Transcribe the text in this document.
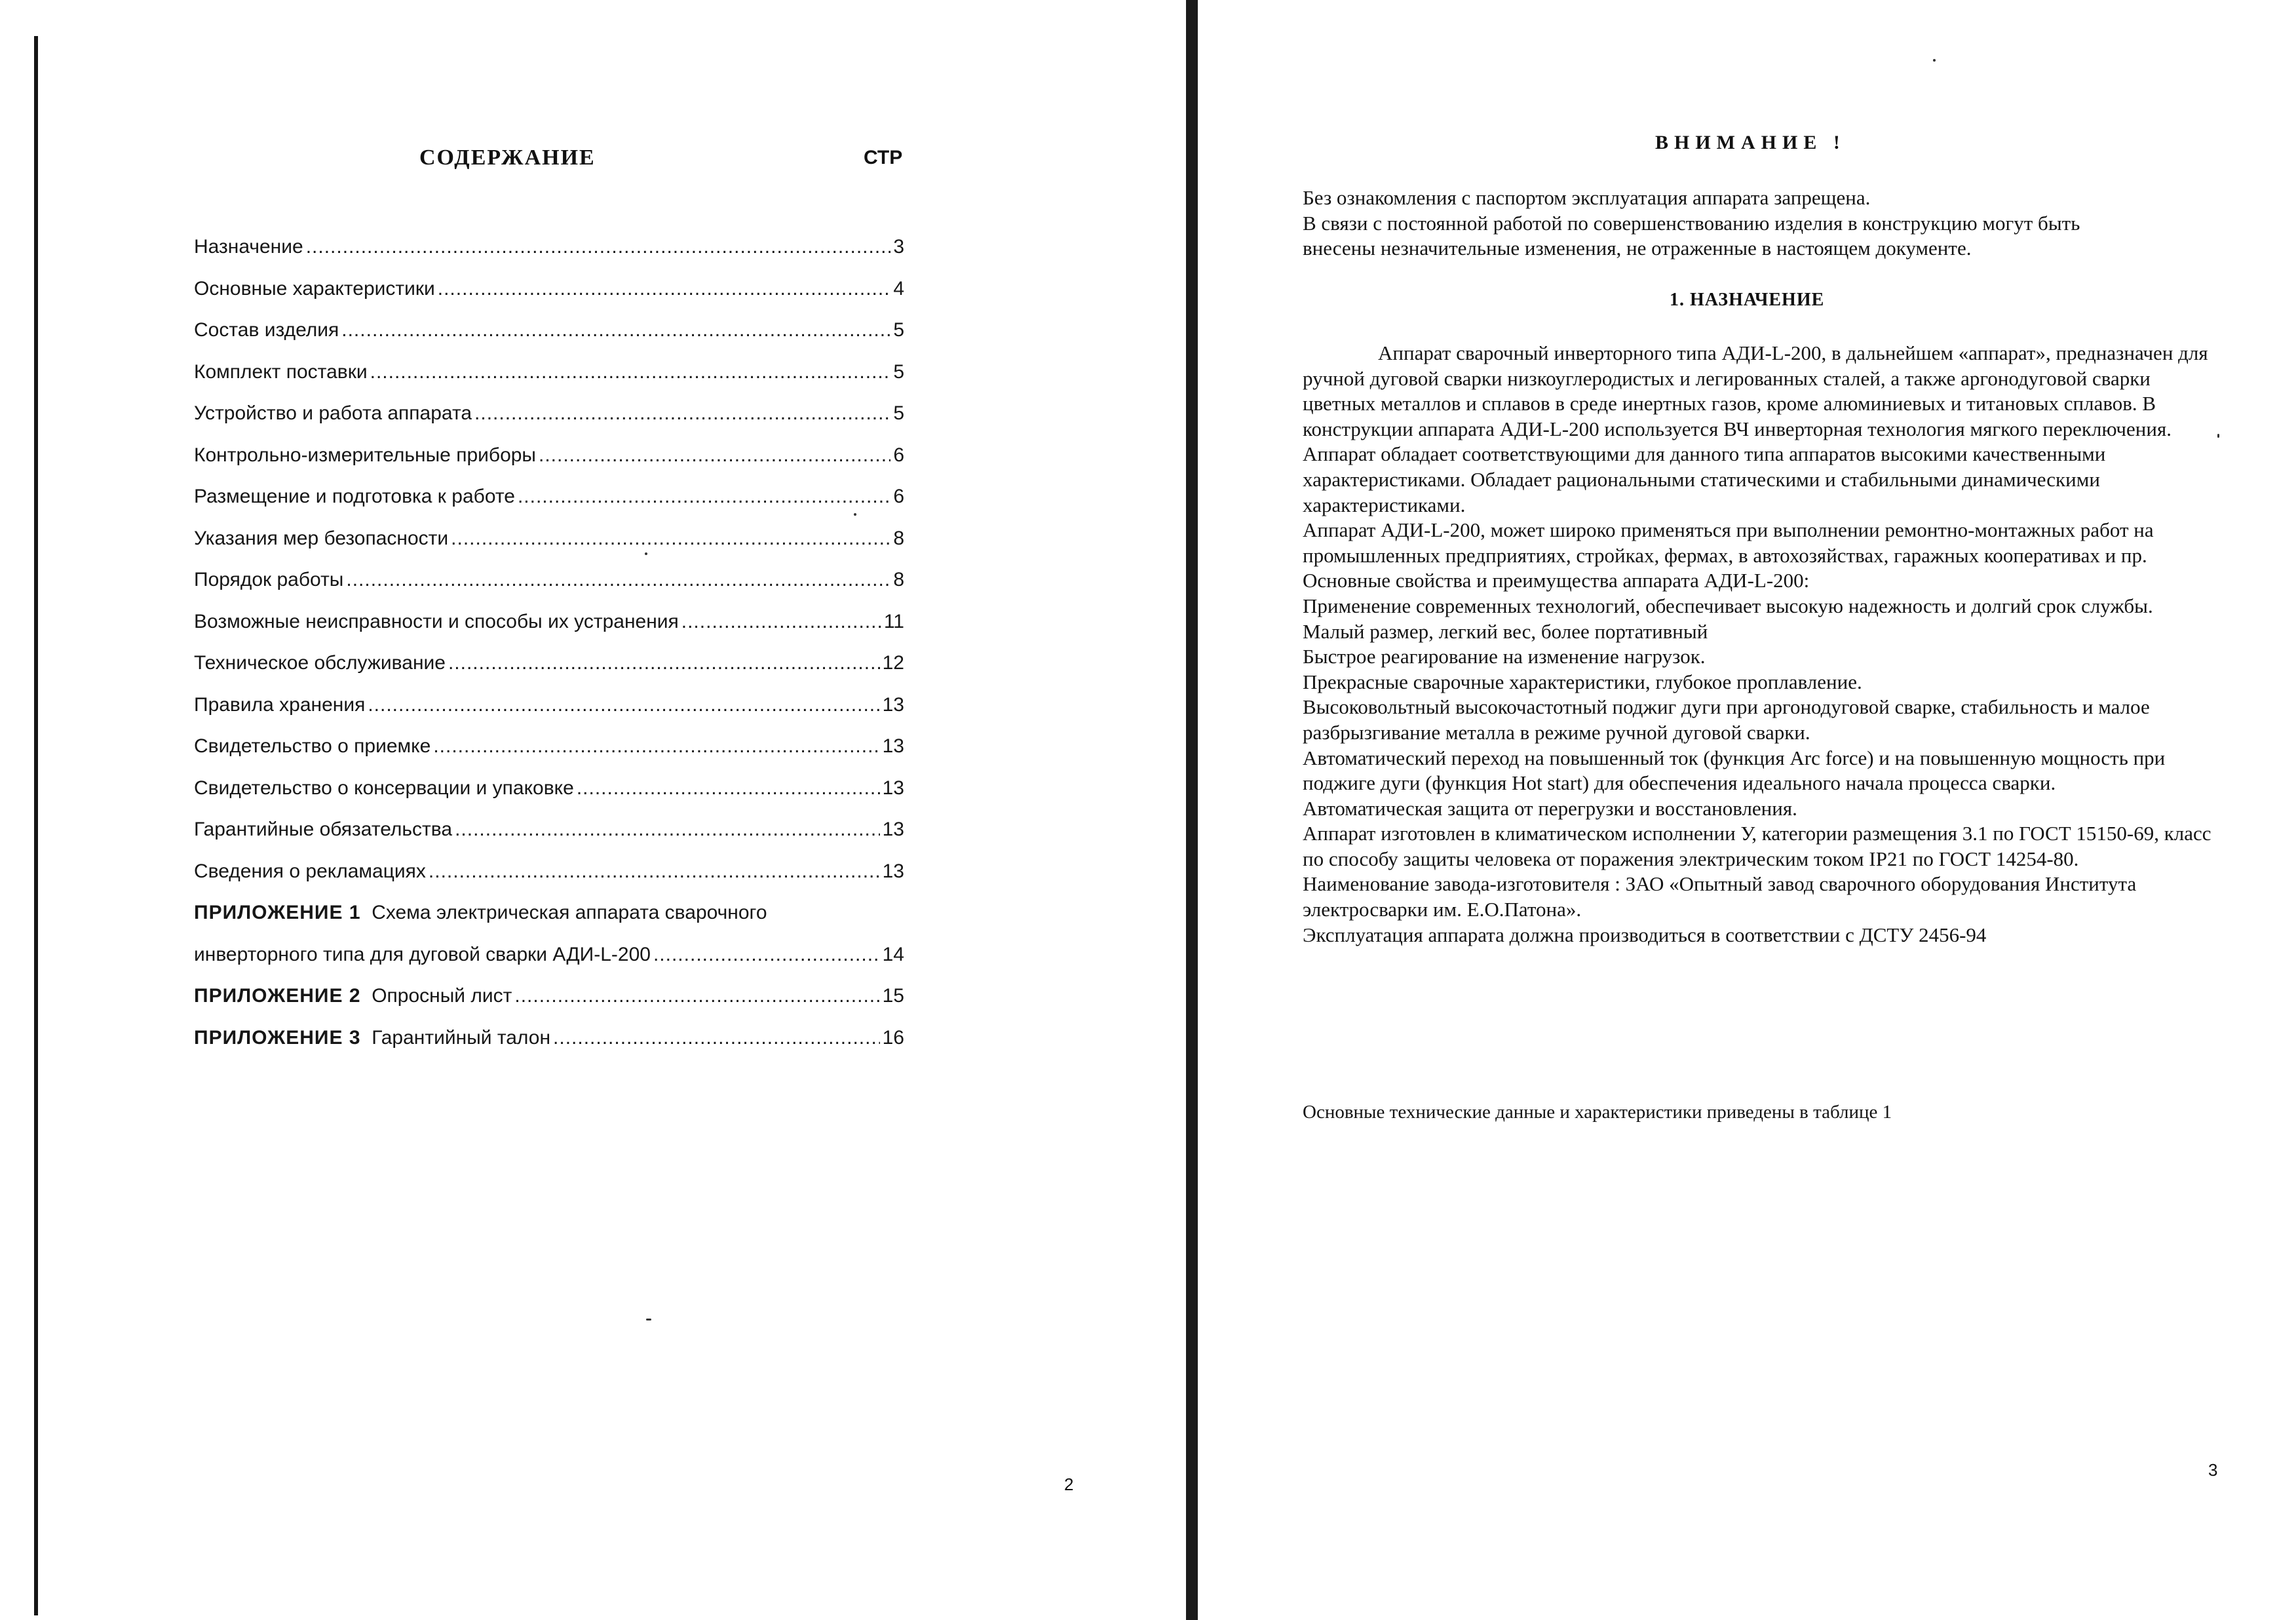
СОДЕРЖАНИЕ	СТР
Назначение .....	3
Основные характеристики .....	4
Состав изделия .....	5
Комплект поставки .....	5
Устройство и работа аппарата .....	5
Контрольно-измерительные приборы .....	6
Размещение и подготовка к работе .....	6
Указания мер безопасности .....	8
Порядок работы .....	8
Возможные неисправности и способы их устранения .....	11
Техническое обслуживание .....	12
Правила хранения .....	13
Свидетельство о приемке .....	13
Свидетельство о консервации и упаковке .....	13
Гарантийные обязательства .....	13
Сведения о рекламациях .....	13
ПРИЛОЖЕНИЕ 1 Схема электрическая аппарата сварочного
инверторного типа для дуговой сварки АДИ-L-200 .....	14
ПРИЛОЖЕНИЕ 2 Опросный лист .....	15
ПРИЛОЖЕНИЕ 3 Гарантийный талон .....	16
2
ВНИМАНИЕ !

Без ознакомления с паспортом эксплуатация аппарата запрещена.

В связи с постоянной работой по совершенствованию изделия в конструкцию могут быть

внесены незначительные изменения, не отраженные в настоящем документе.

1. НАЗНАЧЕНИЕ

Аппарат сварочный инверторного типа АДИ-L-200, в дальнейшем «аппарат», предназначен для ручной дуговой сварки низкоуглеродистых и легированных сталей, а также аргонодуговой сварки цветных металлов и сплавов в среде инертных газов, кроме алюминиевых и титановых сплавов. В конструкции аппарата АДИ-L-200 используется ВЧ инверторная технология мягкого переключения. Аппарат обладает соответствующими для данного типа аппаратов высокими качественными характеристиками. Обладает рациональными статическими и стабильными динамическими характеристиками.

Аппарат АДИ-L-200, может широко применяться при выполнении ремонтно-монтажных работ на промышленных предприятиях, стройках, фермах, в автохозяйствах, гаражных кооперативах и пр.

Основные свойства и преимущества аппарата АДИ-L-200:

Применение современных технологий, обеспечивает высокую надежность и долгий срок службы.

Малый размер, легкий вес, более портативный

Быстрое реагирование на изменение нагрузок.

Прекрасные сварочные характеристики, глубокое проплавление.

Высоковольтный высокочастотный поджиг дуги при аргонодуговой сварке, стабильность и малое разбрызгивание металла в режиме ручной дуговой сварки.

Автоматический переход на повышенный ток (функция Arc force) и на повышенную мощность при поджиге дуги (функция Hot start) для обеспечения идеального начала процесса сварки.

Автоматическая защита от перегрузки и восстановления.

Аппарат изготовлен в климатическом исполнении У, категории размещения 3.1 по ГОСТ 15150-69, класс по способу защиты человека от поражения электрическим током IP21 по ГОСТ 14254-80.

Наименование завода-изготовителя : ЗАО «Опытный завод сварочного оборудования Института электросварки им. Е.О.Патона».

Эксплуатация аппарата должна производиться в соответствии с ДСТУ 2456-94

Основные технические данные и характеристики приведены в таблице 1
3
